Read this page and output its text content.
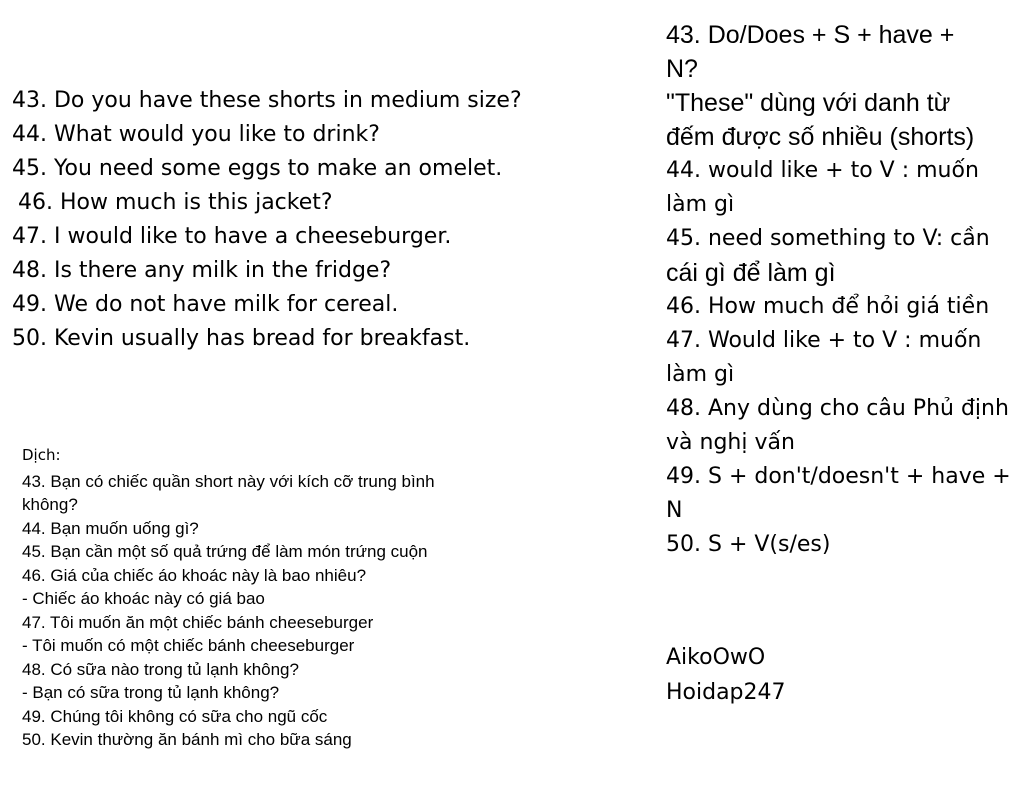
43. Do you have these shorts in medium size?
44. What would you like to drink?
45. You need some eggs to make an omelet.
46. How much is this jacket?
47. I would like to have a cheeseburger.
48. Is there any milk in the fridge?
49. We do not have milk for cereal.
50. Kevin usually has bread for breakfast.
Dịch:
43. Bạn có chiếc quần short này với kích cỡ trung bình
không?
44. Bạn muốn uống gì?
45. Bạn cần một số quả trứng để làm món trứng cuộn
46. Giá của chiếc áo khoác này là bao nhiêu?
- Chiếc áo khoác này có giá bao
47. Tôi muốn ăn một chiếc bánh cheeseburger
- Tôi muốn có một chiếc bánh cheeseburger
48. Có sữa nào trong tủ lạnh không?
- Bạn có sữa trong tủ lạnh không?
49. Chúng tôi không có sữa cho ngũ cốc
50. Kevin thường ăn bánh mì cho bữa sáng
43. Do/Does + S + have +
N?
"These" dùng với danh từ
đếm được số nhiều (shorts)
44. would like + to V : muốn
làm gì
45. need something to V: cần
cái gì để làm gì
46. How much để hỏi giá tiền
47. Would like + to V : muốn
làm gì
48. Any dùng cho câu Phủ định
và nghị vấn
49. S + don't/doesn't + have +
N
50. S + V(s/es)
AikoOwO
Hoidap247
